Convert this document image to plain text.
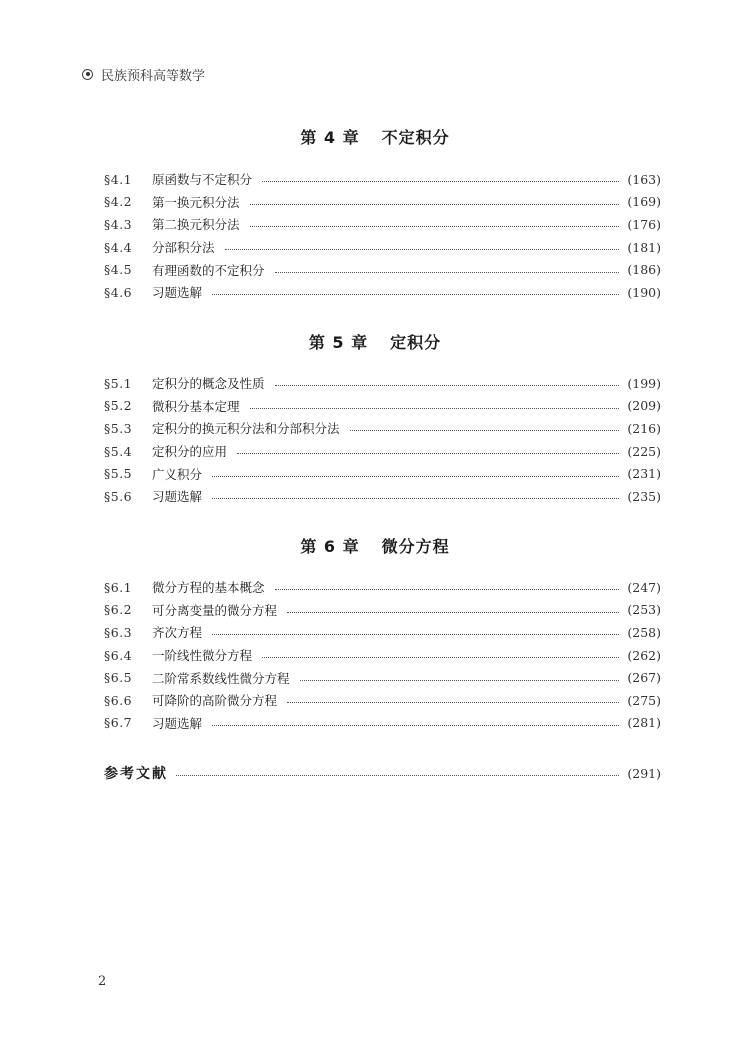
民族预科高等数学
第 4 章 不定积分
§4.1	原函数与不定积分	(163)
§4.2	第一换元积分法	(169)
§4.3	第二换元积分法	(176)
§4.4	分部积分法	(181)
§4.5	有理函数的不定积分	(186)
§4.6	习题选解	(190)
第 5 章 定积分
§5.1	定积分的概念及性质	(199)
§5.2	微积分基本定理	(209)
§5.3	定积分的换元积分法和分部积分法	(216)
§5.4	定积分的应用	(225)
§5.5	广义积分	(231)
§5.6	习题选解	(235)
第 6 章 微分方程
§6.1	微分方程的基本概念	(247)
§6.2	可分离变量的微分方程	(253)
§6.3	齐次方程	(258)
§6.4	一阶线性微分方程	(262)
§6.5	二阶常系数线性微分方程	(267)
§6.6	可降阶的高阶微分方程	(275)
§6.7	习题选解	(281)
参考文献	(291)
2
